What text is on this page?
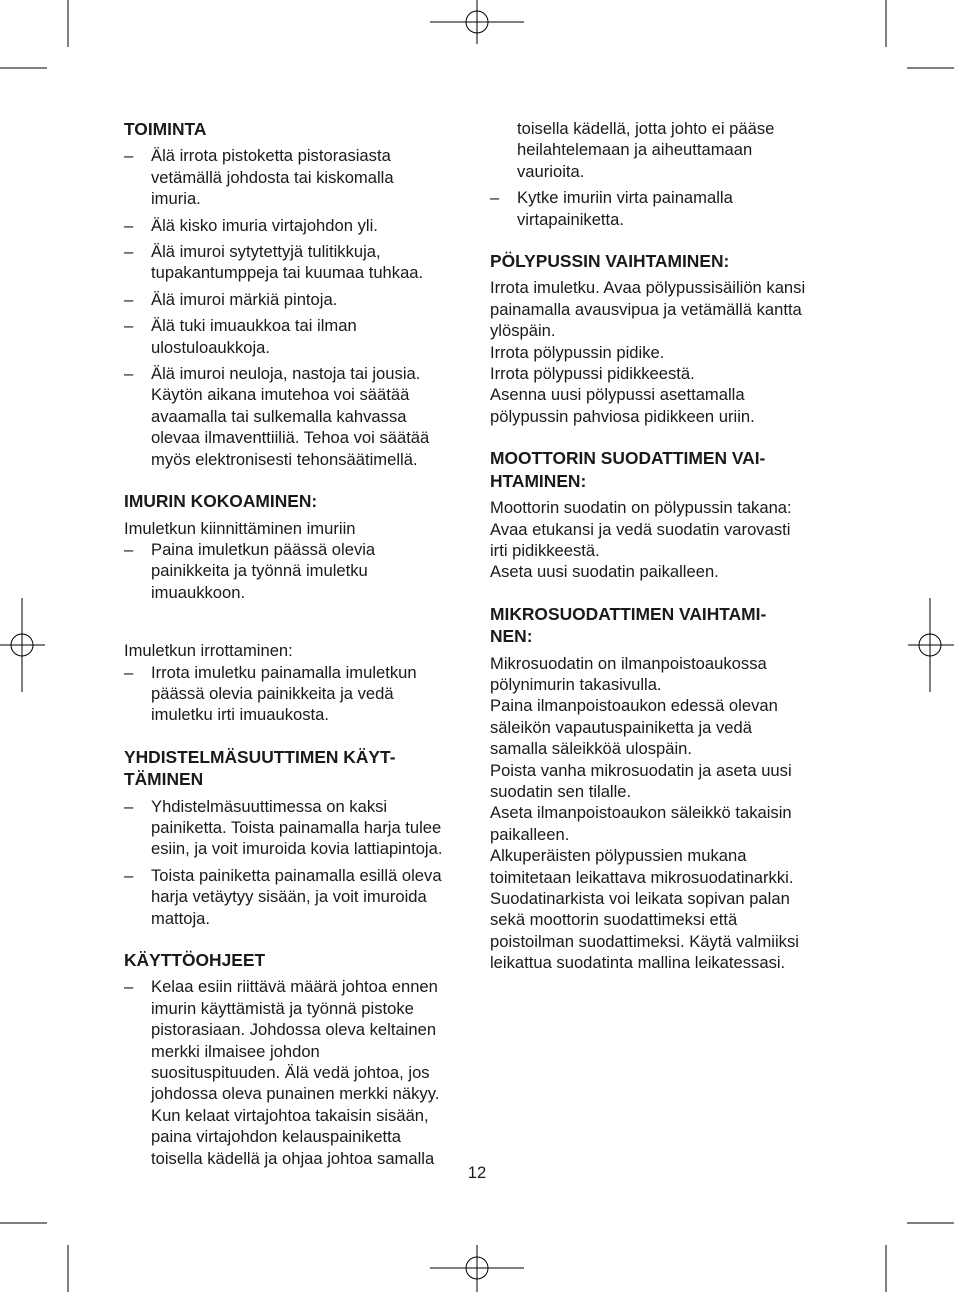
TOIMINTA
– Älä irrota pistoketta pistorasiasta
vetämällä johdosta tai kiskomalla
imuria.
– Älä kisko imuria virtajohdon yli.
– Älä imuroi sytytettyjä tulitikkuja,
tupakantumppeja tai kuumaa tuhkaa.
– Älä imuroi märkiä pintoja.
– Älä tuki imuaukkoa tai ilman
ulostuloaukkoja.
– Älä imuroi neuloja, nastoja tai jousia.
Käytön aikana imutehoa voi säätää
avaamalla tai sulkemalla kahvassa
olevaa ilmaventtiiliä. Tehoa voi säätää
myös elektronisesti tehonsäätimellä.
IMURIN KOKOAMINEN:

Imuletkun kiinnittäminen imuriin

– Paina imuletkun päässä olevia
painikkeita ja työnnä imuletku
imuaukkoon.

Imuletkun irrottaminen:

– Irrota imuletku painamalla imuletkun
päässä olevia painikkeita ja vedä
imuletku irti imuaukosta.
YHDISTELMÄSUUTTIMEN KÄYT-
TÄMINEN
– Yhdistelmäsuuttimessa on kaksi
painiketta. Toista painamalla harja tulee
esiin, ja voit imuroida kovia lattiapintoja.
– Toista painiketta painamalla esillä oleva
harja vetäytyy sisään, ja voit imuroida
mattoja.
KÄYTTÖOHJEET
– Kelaa esiin riittävä määrä johtoa ennen
imurin käyttämistä ja työnnä pistoke
pistorasiaan. Johdossa oleva keltainen
merkki ilmaisee johdon
suosituspituuden. Älä vedä johtoa, jos
johdossa oleva punainen merkki näkyy.
Kun kelaat virtajohtoa takaisin sisään,
paina virtajohdon kelauspainiketta
toisella kädellä ja ohjaa johtoa samalla
toisella kädellä, jotta johto ei pääse
heilahtelemaan ja aiheuttamaan
vaurioita.
– Kytke imuriin virta painamalla
virtapainiketta.
PÖLYPUSSIN VAIHTAMINEN:

Irrota imuletku. Avaa pölypussisäiliön kansi
painamalla avausvipua ja vetämällä kantta
ylöspäin.
Irrota pölypussin pidike.
Irrota pölypussi pidikkeestä.
Asenna uusi pölypussi asettamalla
pölypussin pahviosa pidikkeen uriin.

MOOTTORIN SUODATTIMEN VAI-
HTAMINEN:

Moottorin suodatin on pölypussin takana:
Avaa etukansi ja vedä suodatin varovasti
irti pidikkeestä.
Aseta uusi suodatin paikalleen.

MIKROSUODATTIMEN VAIHTAMI-
NEN:

Mikrosuodatin on ilmanpoistoaukossa
pölynimurin takasivulla.
Paina ilmanpoistoaukon edessä olevan
säleikön vapautuspainiketta ja vedä
samalla säleikköä ulospäin.
Poista vanha mikrosuodatin ja aseta uusi
suodatin sen tilalle.
Aseta ilmanpoistoaukon säleikkö takaisin
paikalleen.
Alkuperäisten pölypussien mukana
toimitetaan leikattava mikrosuodatinarkki.
Suodatinarkista voi leikata sopivan palan
sekä moottorin suodattimeksi että
poistoilman suodattimeksi. Käytä valmiiksi
leikattua suodatinta mallina leikatessasi.

12
